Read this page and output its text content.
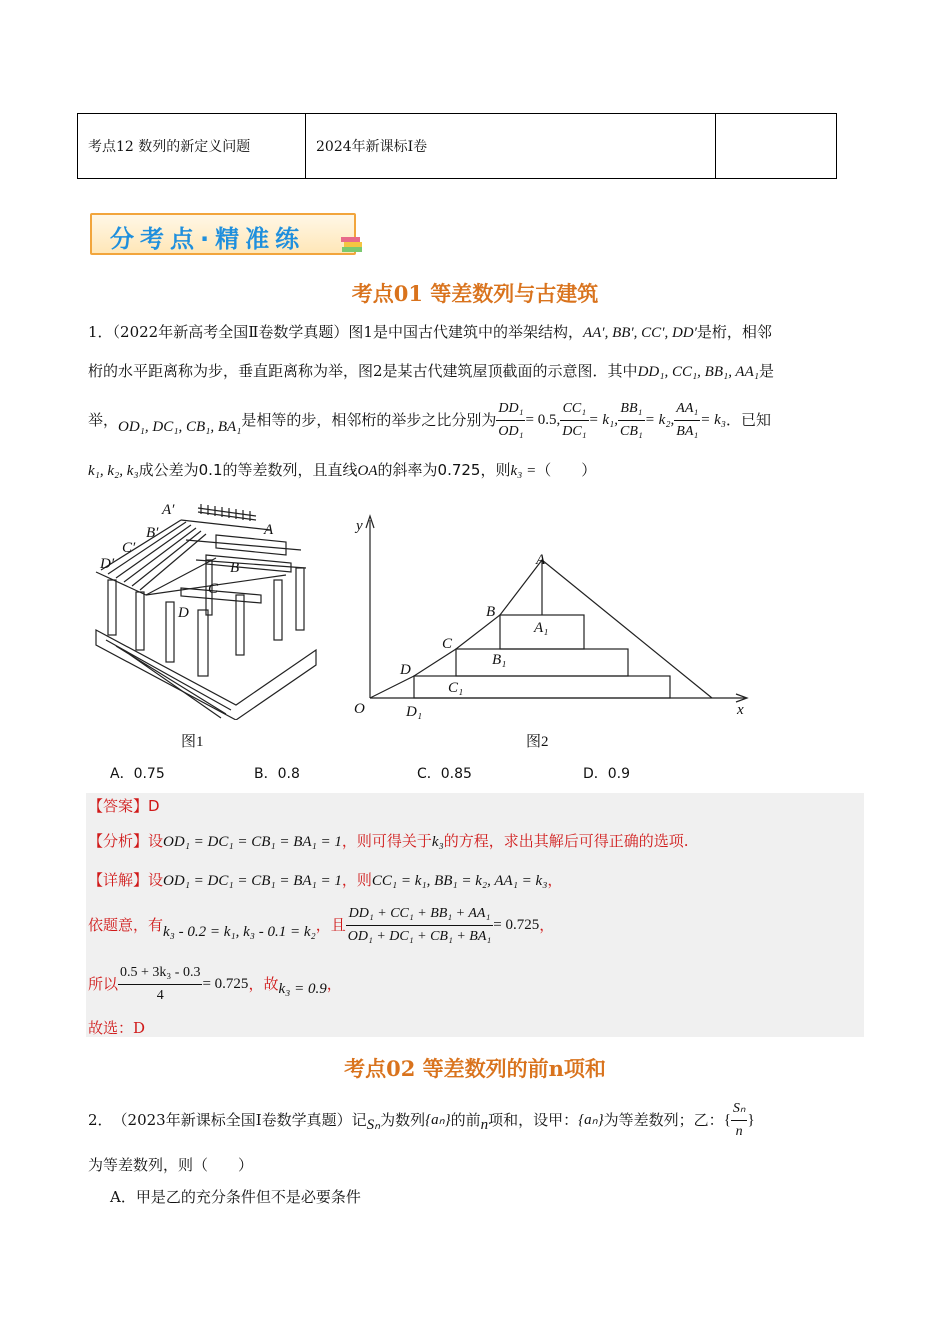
考点12 数列的新定义问题	2024年新课标Ⅰ卷
分考点·精准练
考点01 等差数列与古建筑
1．（2022年新高考全国Ⅱ卷数学真题）图1是中国古代建筑中的举架结构，AA′, BB′, CC′, DD′是桁，相邻
桁的水平距离称为步，垂直距离称为举，图2是某古代建筑屋顶截面的示意图．其中DD₁, CC₁, BB₁, AA₁是
举， OD₁, DC₁, CB₁, BA₁ 是相等的步，相邻桁的举步之比分别为 $\frac{\text{DD₁}}{\text{OD₁}} = 0.5$, $\frac{\text{CC₁}}{\text{DC₁}} = k_1$, $\frac{\text{BB₁}}{\text{CB₁}} = k_2$, $\frac{\text{AA₁}}{\text{BA₁}} = k_3$ ．已知
k₁, k₂, k₃成公差为0.1的等差数列，且直线OA的斜率为0.725，则k₃ =（　　）
A′
B′
C′
D′
A
B
C
D
图1
y
x
O
A
B
C
D
A₁
B₁
C₁
D₁
图2
A．0.75	B．0.8	C．0.85	D．0.9
【答案】D
【分析】设OD₁ = DC₁ = CB₁ = BA₁ = 1，则可得关于k₃的方程，求出其解后可得正确的选项.
【详解】设OD₁ = DC₁ = CB₁ = BA₁ = 1，则CC₁ = k₁, BB₁ = k₂, AA₁ = k₃，
依题意，有 k₃ - 0.2 = k₁, k₃ - 0.1 = k₂ ，且 $\frac{\text{DD₁ + CC₁ + BB₁ + AA₁}}{\text{OD₁ + DC₁ + CB₁ + BA₁}} = 0.725$ ，
所以 $\frac{\text{0.5 + 3k₃ - 0.3}}{4} = 0.725$ ，故 k₃ = 0.9 ，
故选：D
考点02 等差数列的前n项和
2． （2023年新课标全国Ⅰ卷数学真题） 记 Sₙ 为数列 {aₙ} 的前 n 项和，设甲： {aₙ} 为等差数列；乙： { $\frac{\text{Sₙ}}{n}$ }
为等差数列，则（　　）
A．甲是乙的充分条件但不是必要条件
